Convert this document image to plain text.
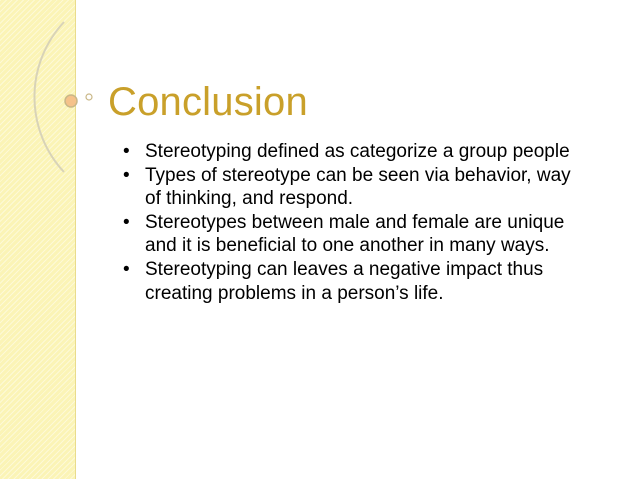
Conclusion
• Stereotyping defined as categorize a group people
• Types of stereotype can be seen via behavior, way of thinking, and respond.
• Stereotypes between male and female are unique and it is beneficial to one another in many ways.
• Stereotyping can leaves a negative impact thus creating problems in a person’s life.
